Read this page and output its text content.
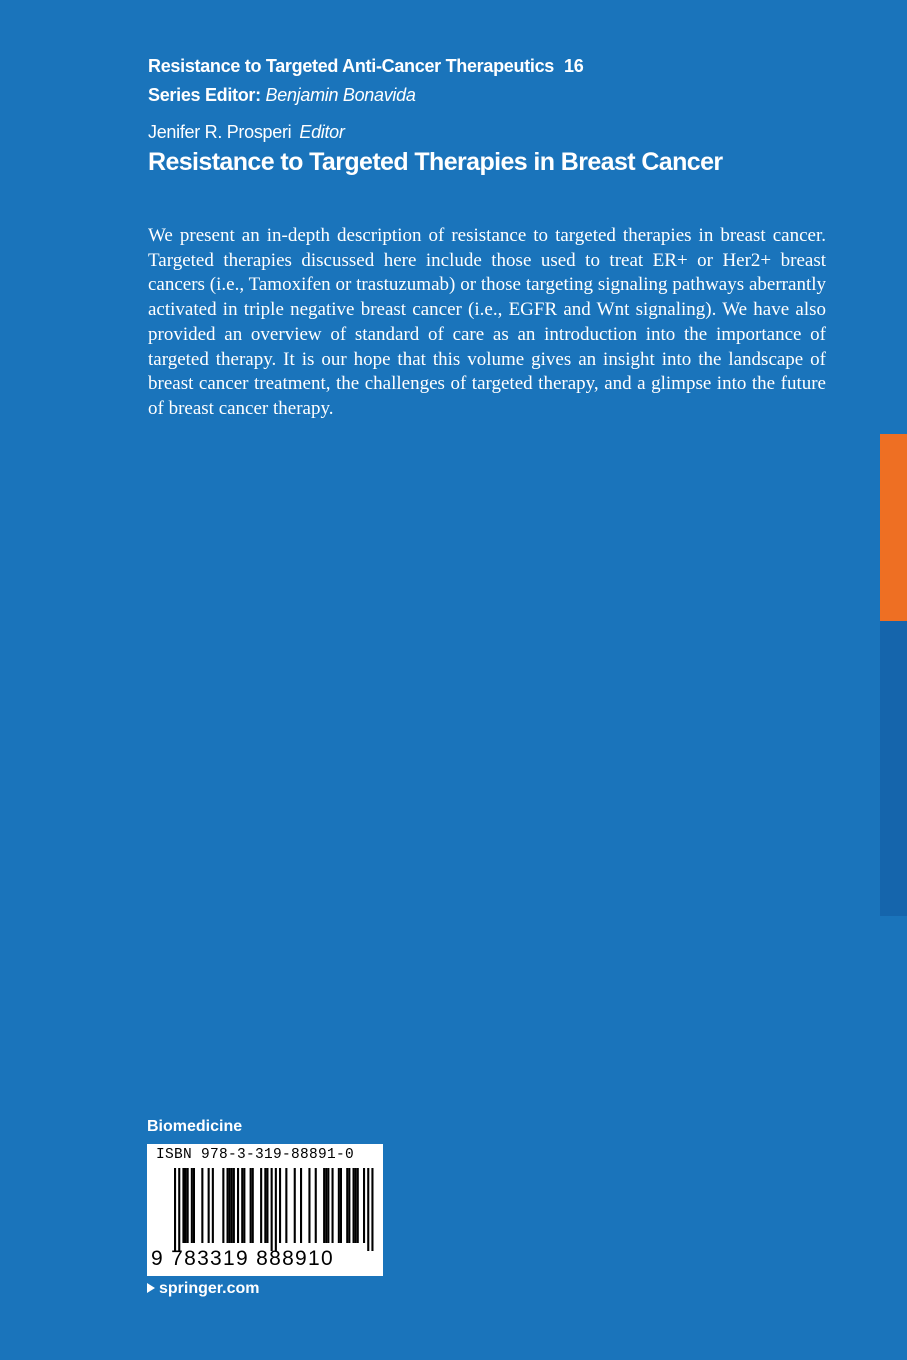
Resistance to Targeted Anti-Cancer Therapeutics 16
Series Editor: Benjamin Bonavida
Jenifer R. Prosperi Editor
Resistance to Targeted Therapies in Breast Cancer

We present an in-depth description of resistance to targeted therapies in breast cancer. Targeted therapies discussed here include those used to treat ER+ or Her2+ breast cancers (i.e., Tamoxifen or trastuzumab) or those targeting signaling pathways aberrantly activated in triple negative breast cancer (i.e., EGFR and Wnt signaling). We have also provided an overview of standard of care as an introduction into the importance of targeted therapy. It is our hope that this volume gives an insight into the landscape of breast cancer treatment, the challenges of targeted therapy, and a glimpse into the future of breast cancer therapy.

Biomedicine
ISBN 978-3-319-88891-0
9 783319 888910
springer.com
